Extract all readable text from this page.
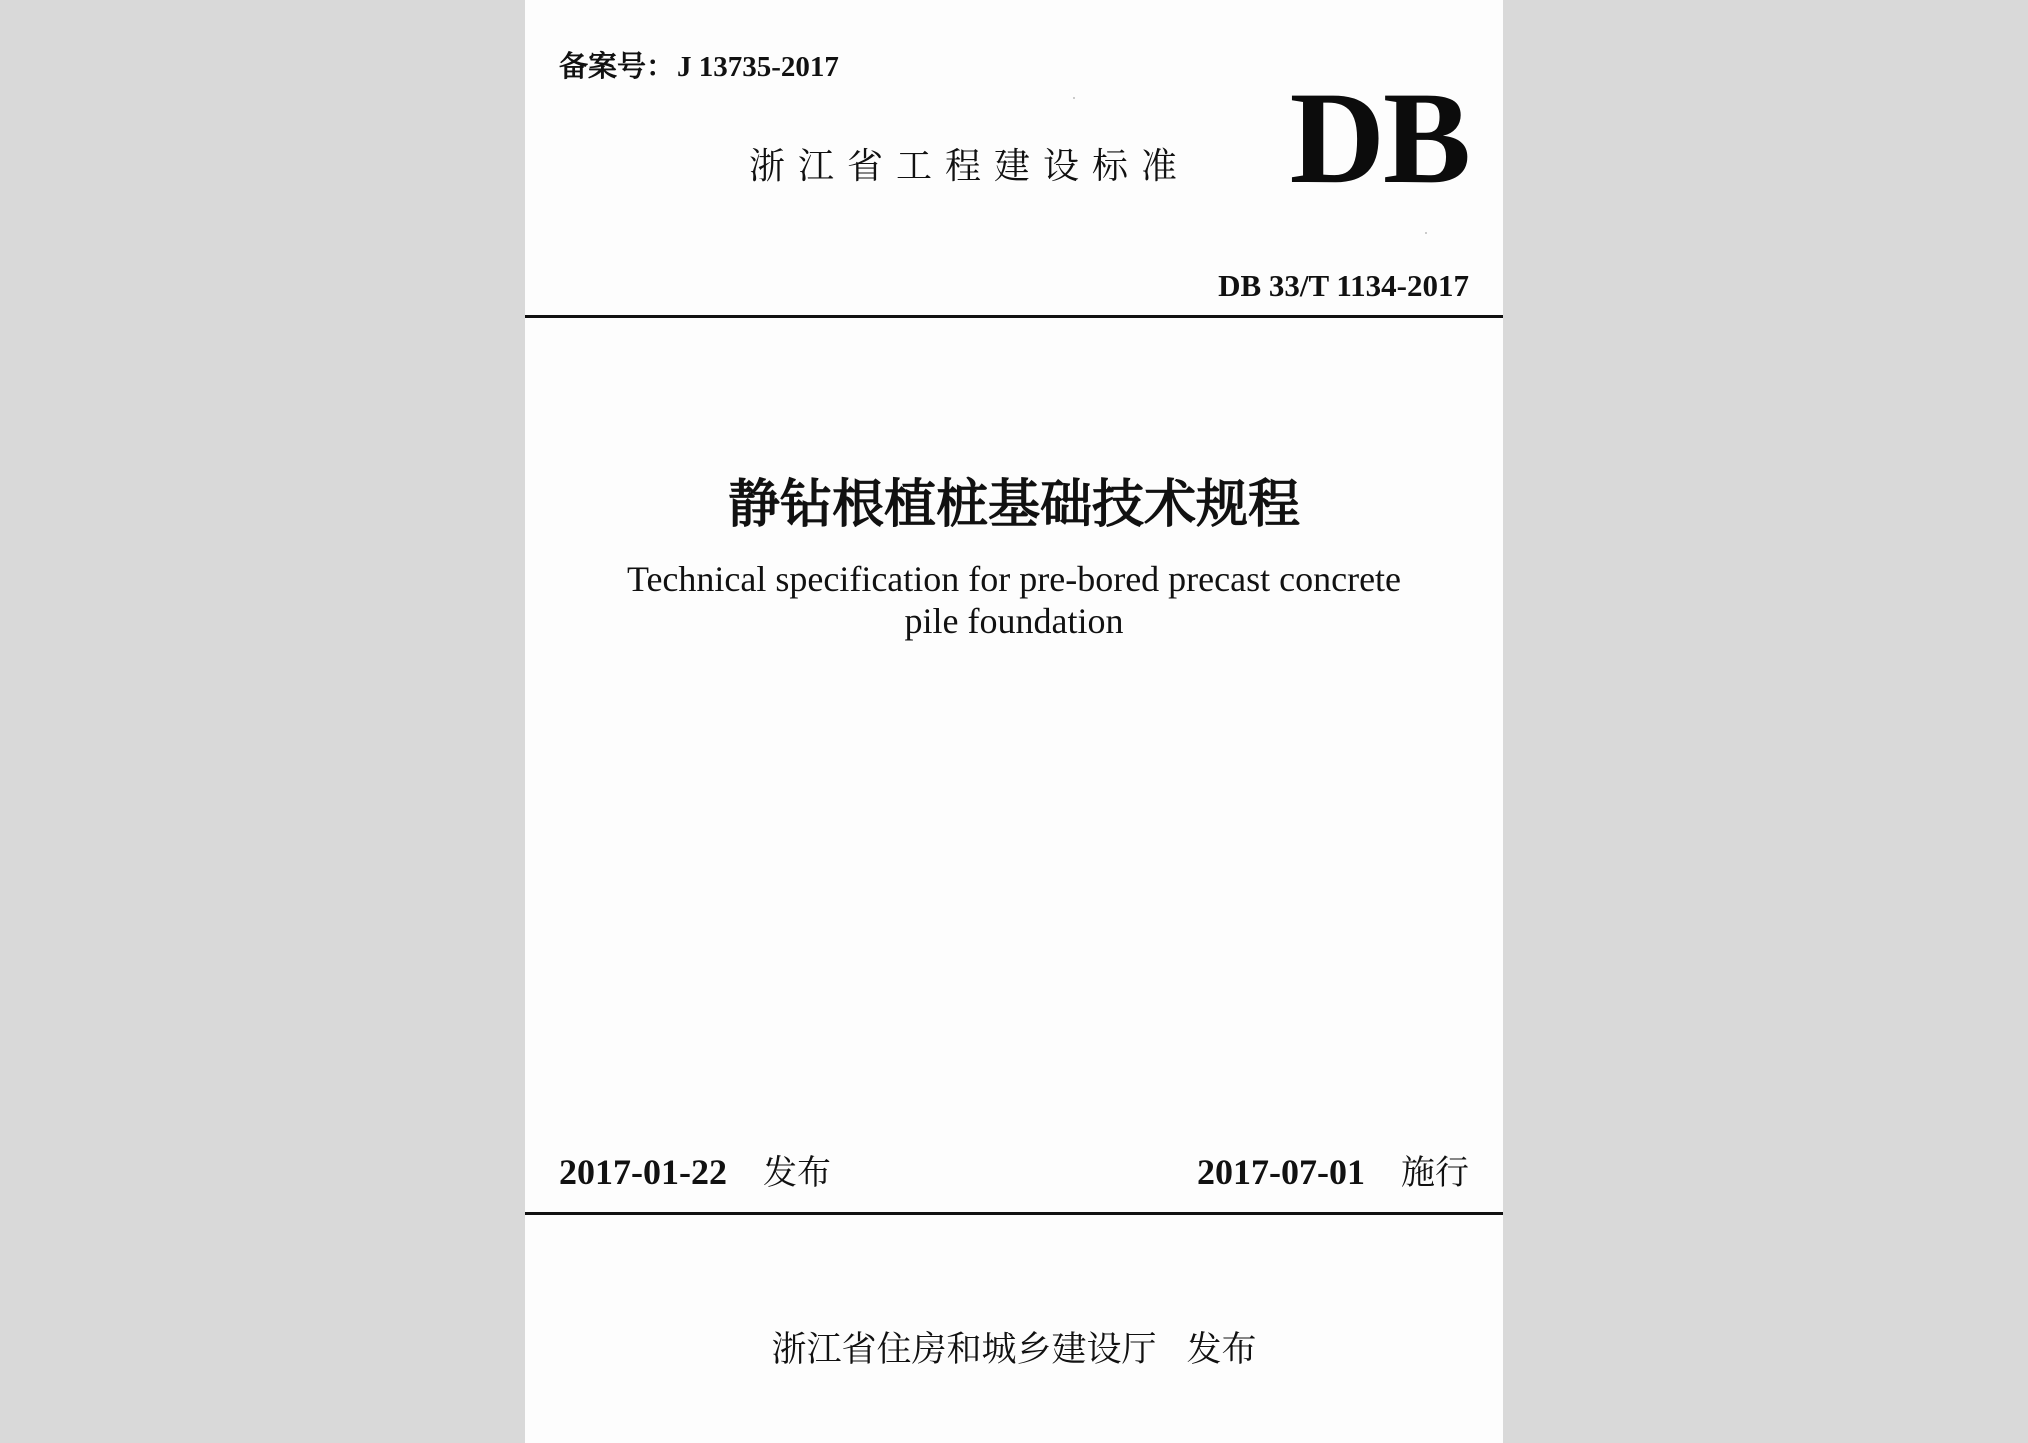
备案号：J 13735-2017
浙江省工程建设标准 DB
DB 33/T 1134-2017
静钻根植桩基础技术规程
Technical specification for pre-bored precast concrete
pile foundation
2017-01-22 发布	2017-07-01 施行
浙江省住房和城乡建设厅 发布
